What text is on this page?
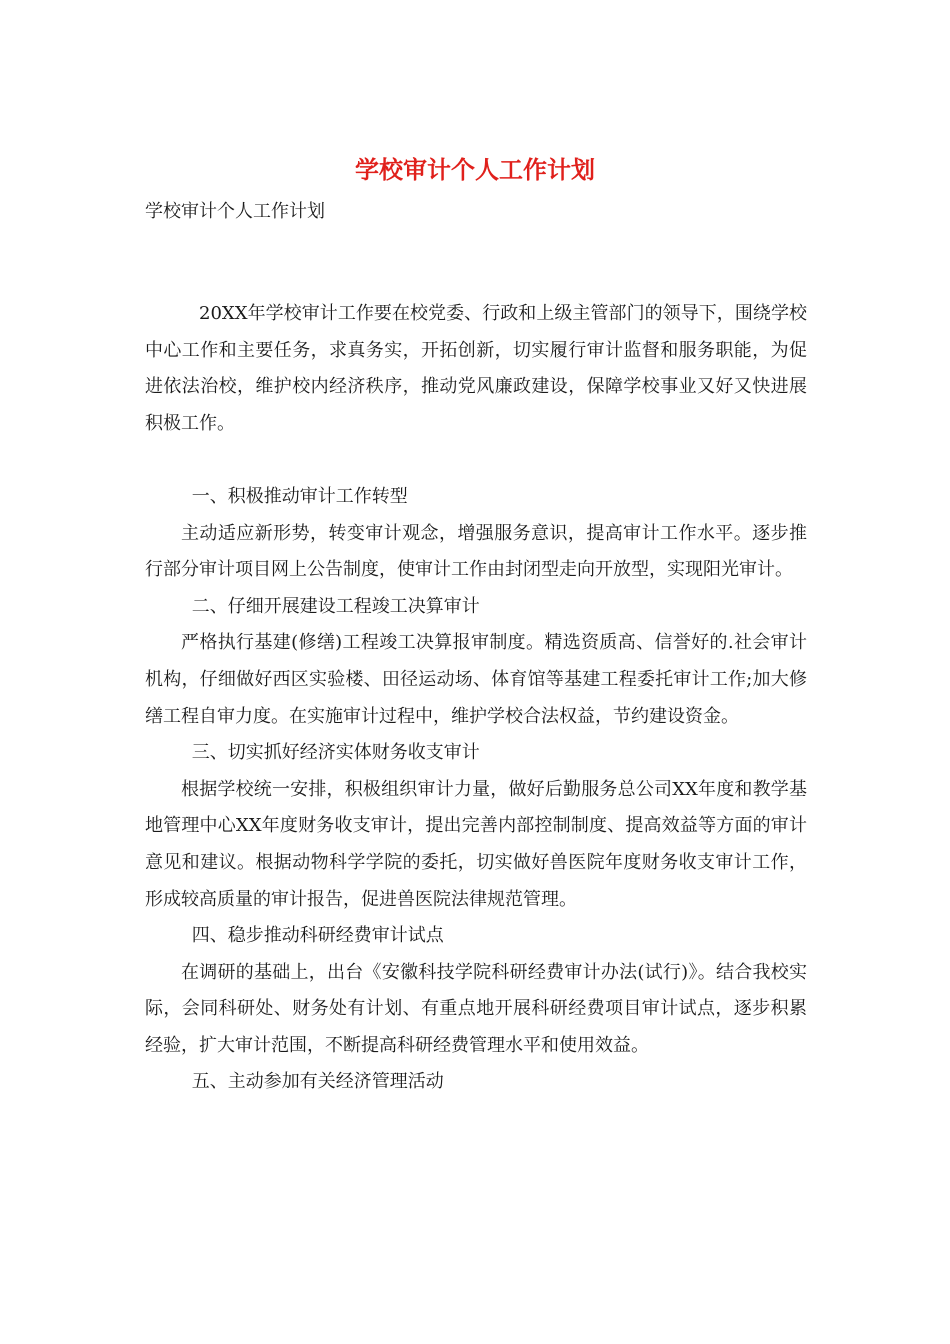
学校审计个人工作计划

学校审计个人工作计划

20XX年学校审计工作要在校党委、行政和上级主管部门的领导下，围绕学校中心工作和主要任务，求真务实，开拓创新，切实履行审计监督和服务职能，为促进依法治校，维护校内经济秩序，推动党风廉政建设，保障学校事业又好又快进展积极工作。

一、积极推动审计工作转型

主动适应新形势，转变审计观念，增强服务意识，提高审计工作水平。逐步推行部分审计项目网上公告制度，使审计工作由封闭型走向开放型，实现阳光审计。

二、仔细开展建设工程竣工决算审计

严格执行基建(修缮)工程竣工决算报审制度。精选资质高、信誉好的.社会审计机构，仔细做好西区实验楼、田径运动场、体育馆等基建工程委托审计工作;加大修缮工程自审力度。在实施审计过程中，维护学校合法权益，节约建设资金。

三、切实抓好经济实体财务收支审计

根据学校统一安排，积极组织审计力量，做好后勤服务总公司XX年度和教学基地管理中心XX年度财务收支审计，提出完善内部控制制度、提高效益等方面的审计意见和建议。根据动物科学学院的委托，切实做好兽医院年度财务收支审计工作，形成较高质量的审计报告，促进兽医院法律规范管理。

四、稳步推动科研经费审计试点

在调研的基础上，出台《安徽科技学院科研经费审计办法(试行)》。结合我校实际，会同科研处、财务处有计划、有重点地开展科研经费项目审计试点，逐步积累经验，扩大审计范围，不断提高科研经费管理水平和使用效益。

五、主动参加有关经济管理活动
